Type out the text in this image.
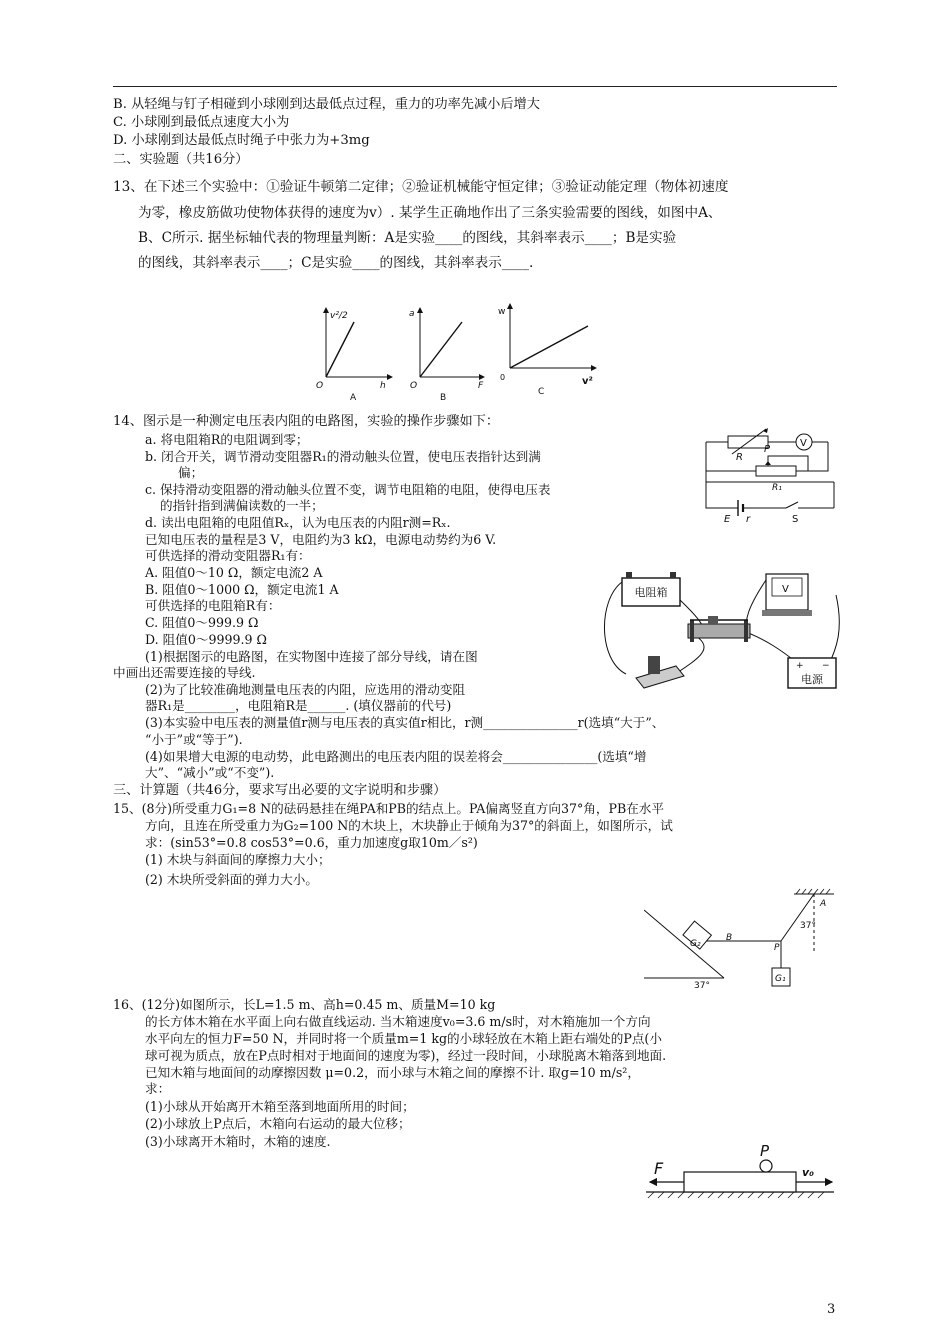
B. 从轻绳与钉子相碰到小球刚到达最低点过程，重力的功率先减小后增大
C. 小球刚到最低点速度大小为
D. 小球刚到达最低点时绳子中张力为+3mg
二、实验题（共16分）
13、在下述三个实验中：①验证牛顿第二定律；②验证机械能守恒定律；③验证动能定理（物体初速度
为零，橡皮筋做功使物体获得的速度为v）. 某学生正确地作出了三条实验需要的图线，如图中A、
B、C所示. 据坐标轴代表的物理量判断：A是实验____的图线，其斜率表示____；B是实验
的图线，其斜率表示____；C是实验____的图线，其斜率表示____.
v²/2
h
O
A
a
F
O
B
w
v²
0
C
14、图示是一种测定电压表内阻的电路图，实验的操作步骤如下：
a. 将电阻箱R的电阻调到零；
b. 闭合开关，调节滑动变阻器R₁的滑动触头位置，使电压表指针达到满
偏；
c. 保持滑动变阻器的滑动触头位置不变，调节电阻箱的电阻，使得电压表
的指针指到满偏读数的一半；
d. 读出电阻箱的电阻值Rₓ，认为电压表的内阻r测=Rₓ.
已知电压表的量程是3 V，电阻约为3 kΩ，电源电动势约为6 V.
可供选择的滑动变阻器R₁有：
A. 阻值0～10 Ω，额定电流2 A
B. 阻值0～1000 Ω，额定电流1 A
可供选择的电阻箱R有：
C. 阻值0～999.9 Ω
D. 阻值0～9999.9 Ω
(1)根据图示的电路图，在实物图中连接了部分导线，请在图
中画出还需要连接的导线.
(2)为了比较准确地测量电压表的内阻，应选用的滑动变阻
器R₁是________，电阻箱R是______. (填仪器前的代号)
(3)本实验中电压表的测量值r测与电压表的真实值r相比，r测_______________r(选填“大于”、
“小于”或“等于”).
(4)如果增大电源的电动势，此电路测出的电压表内阻的误差将会_______________(选填“增
大”、“减小”或“不变”).
V
R
P
R₁
E r	S
电阻箱	V
+ −
电源
三、计算题（共46分，要求写出必要的文字说明和步骤）
15、(8分)所受重力G₁=8 N的砝码悬挂在绳PA和PB的结点上。PA偏离竖直方向37°角，PB在水平
方向，且连在所受重力为G₂=100 N的木块上，木块静止于倾角为37°的斜面上，如图所示，试
求：(sin53°=0.8 cos53°=0.6，重力加速度g取10m／s²)
(1) 木块与斜面间的摩擦力大小；
(2) 木块所受斜面的弹力大小。
G₂
G₁
B
P
A
37°
37°
16、(12分)如图所示，长L=1.5 m、高h=0.45 m、质量M=10 kg
的长方体木箱在水平面上向右做直线运动. 当木箱速度v₀=3.6 m/s时，对木箱施加一个方向
水平向左的恒力F=50 N，并同时将一个质量m=1 kg的小球轻放在木箱上距右端处的P点(小
球可视为质点，放在P点时相对于地面间的速度为零)，经过一段时间，小球脱离木箱落到地面.
已知木箱与地面间的动摩擦因数 μ=0.2，而小球与木箱之间的摩擦不计. 取g=10 m/s²，
求：
(1)小球从开始离开木箱至落到地面所用的时间；
(2)小球放上P点后，木箱向右运动的最大位移；
(3)小球离开木箱时，木箱的速度.
F
P
v₀
3
